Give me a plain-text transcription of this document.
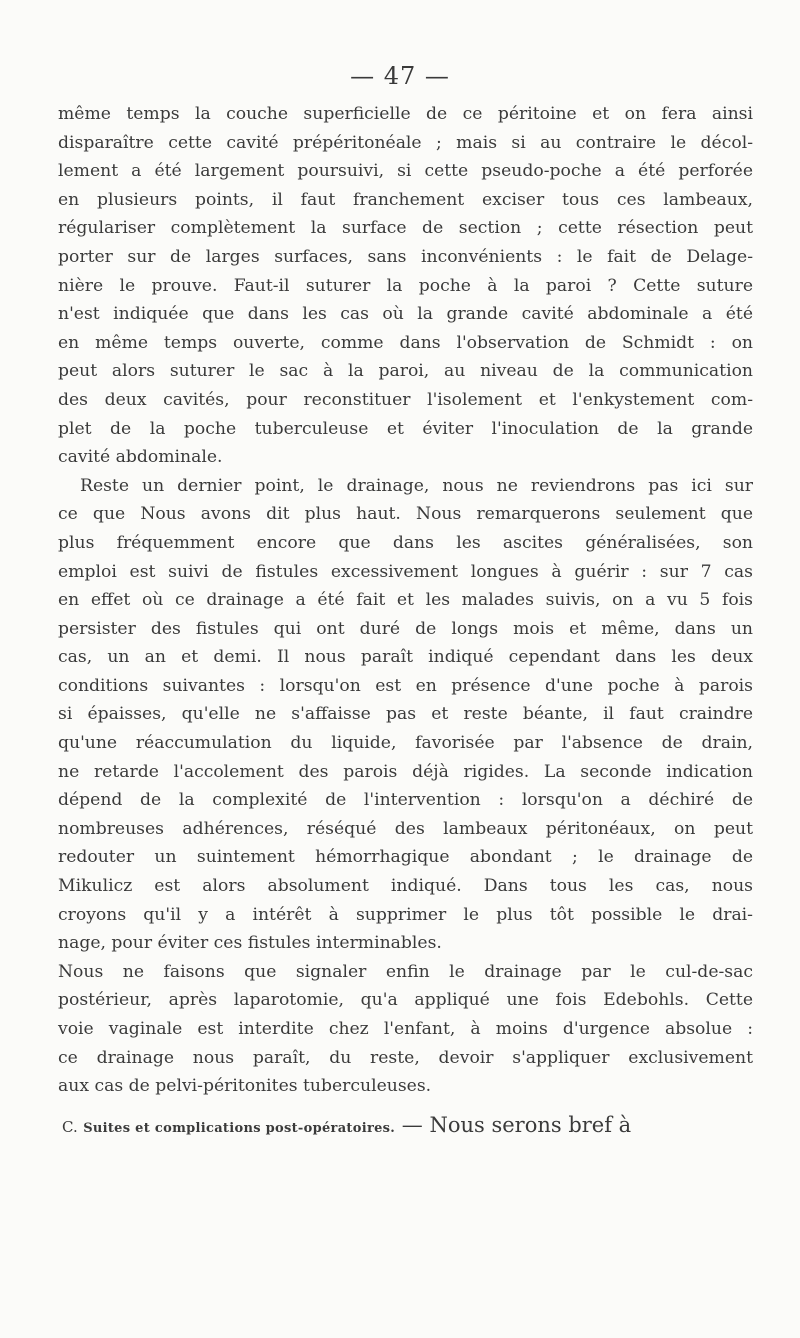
— 47 —
même temps la couche superficielle de ce péritoine et on fera ainsi
disparaître cette cavité prépéritonéale ; mais si au contraire le décol-
lement a été largement poursuivi, si cette pseudo-poche a été perforée
en plusieurs points, il faut franchement exciser tous ces lambeaux,
régulariser complètement la surface de section ; cette résection peut
porter sur de larges surfaces, sans inconvénients : le fait de Delage-
nière le prouve. Faut-il suturer la poche à la paroi ? Cette suture
n'est indiquée que dans les cas où la grande cavité abdominale a été
en même temps ouverte, comme dans l'observation de Schmidt : on
peut alors suturer le sac à la paroi, au niveau de la communication
des deux cavités, pour reconstituer l'isolement et l'enkystement com-
plet de la poche tuberculeuse et éviter l'inoculation de la grande
cavité abdominale.
Reste un dernier point, le drainage, nous ne reviendrons pas ici sur
ce que Nous avons dit plus haut. Nous remarquerons seulement que
plus fréquemment encore que dans les ascites généralisées, son
emploi est suivi de fistules excessivement longues à guérir : sur 7 cas
en effet où ce drainage a été fait et les malades suivis, on a vu 5 fois
persister des fistules qui ont duré de longs mois et même, dans un
cas, un an et demi. Il nous paraît indiqué cependant dans les deux
conditions suivantes : lorsqu'on est en présence d'une poche à parois
si épaisses, qu'elle ne s'affaisse pas et reste béante, il faut craindre
qu'une réaccumulation du liquide, favorisée par l'absence de drain,
ne retarde l'accolement des parois déjà rigides. La seconde indication
dépend de la complexité de l'intervention : lorsqu'on a déchiré de
nombreuses adhérences, réséqué des lambeaux péritonéaux, on peut
redouter un suintement hémorrhagique abondant ; le drainage de
Mikulicz est alors absolument indiqué. Dans tous les cas, nous
croyons qu'il y a intérêt à supprimer le plus tôt possible le drai-
nage, pour éviter ces fistules interminables.
Nous ne faisons que signaler enfin le drainage par le cul-de-sac
postérieur, après laparotomie, qu'a appliqué une fois Edebohls. Cette
voie vaginale est interdite chez l'enfant, à moins d'urgence absolue :
ce drainage nous paraît, du reste, devoir s'appliquer exclusivement
aux cas de pelvi-péritonites tuberculeuses.
C. Suites et complications post-opératoires. — Nous serons bref à
